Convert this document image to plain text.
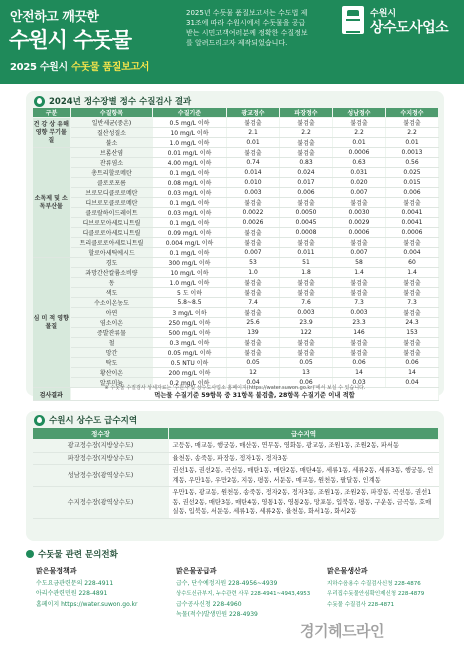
안전하고 깨끗한
수원시 수돗물
2025 수원시 수돗물 품질보고서
2025년 수돗물 품질보고서는 수도법 제31조에 따라 수원시에서 수돗물을 공급받는 시민고객여러분께 정확한 수질정보를 알려드리고자 제작되었습니다.
수원시
상수도사업소
2024년 정수장별 정수 수질검사 결과
구분	수질항목	수질기준	광교정수	파장정수	성남정수	수지정수
건 강 상 유해영향 무기물질	일반세균(중온)	0.5 mg/L 이하	불검출	불검출	불검출	불검출
	질산성질소	10 mg/L 이하	2.1	2.2	2.2	2.2
	불소	1.0 mg/L 이하	0.01	불검출	0.01	0.01
소독제 및 소독부산물	브롬산염	0.01 mg/L 이하	불검출	불검출	0.0006	0.0013
	잔류염소	4.00 mg/L 이하	0.74	0.83	0.63	0.56
	총트리할로메탄	0.1 mg/L 이하	0.014	0.024	0.031	0.025
	클로로포름	0.08 mg/L 이하	0.010	0.017	0.020	0.015
	브로모디클로로메탄	0.03 mg/L 이하	0.003	0.006	0.007	0.006
	디브로모클로로메탄	0.1 mg/L 이하	불검출	불검출	불검출	불검출
	클로랄하이드레이트	0.03 mg/L 이하	0.0022	0.0050	0.0030	0.0041
	디브로모아세토니트릴	0.1 mg/L 이하	0.0026	0.0045	0.0029	0.0041
	디클로로아세토니트릴	0.09 mg/L 이하	불검출	0.0008	0.0006	0.0006
	트리클로로아세토니트릴	0.004 mg/L 이하	불검출	불검출	불검출	불검출
	할로아세틱에시드	0.1 mg/L 이하	0.007	0.011	0.007	0.004
심 미 적 영향물질	경도	300 mg/L 이하	53	51	58	60
	과망간산칼륨소비량	10 mg/L 이하	1.0	1.8	1.4	1.4
	동	1.0 mg/L 이하	불검출	불검출	불검출	불검출
	색도	5 도 이하	불검출	불검출	불검출	불검출
	수소이온농도	5.8~8.5	7.4	7.6	7.3	7.3
	아연	3 mg/L 이하	불검출	0.003	0.003	불검출
	염소이온	250 mg/L 이하	25.6	23.9	23.3	24.3
	증발잔류물	500 mg/L 이하	139	122	146	153
	철	0.3 mg/L 이하	불검출	불검출	불검출	불검출
	망간	0.05 mg/L 이하	불검출	불검출	불검출	불검출
	탁도	0.5 NTU 이하	0.05	0.05	0.06	0.06
	황산이온	200 mg/L 이하	12	13	14	14
	알루미늄	0.2 mg/L 이하	0.04	0.06	0.03	0.04
검사결과	먹는물 수질기준 59항목 중 31항목 불검출, 28항목 수질기준 이내 적합					
※ 수돗물 수질검사 상세자료는 '수원시 및 상수도사업소 홈페이지(https://water.suwon.go.kr)'에서 보실 수 있습니다.
수원시 상수도 급수지역
정수장	급수지역
광교정수장(지방상수도)	고등동, 매교동, 행궁동, 매산동, 연무동, 영화동, 광교동, 조원1동, 조원2동, 파서동
파장정수장(지방상수도)	율천동, 송죽동, 파장동, 정자1동, 정자3동
성남정수장(광역상수도)	권선1동, 권선2동, 곡선동, 매탄1동, 매탄2동, 매탄4동, 세류1동, 세류2동, 세류3동, 행궁동, 인계동, 우만1동, 우만2동, 지동, 평동, 서둔동, 매교동, 원천동, 팔달동, 인계동
수지정수장(광역상수도)	우만1동, 광교동, 원천동, 송죽동, 정자2동, 정자3동, 조원1동, 조원2동, 파장동, 곡선동, 권선1동, 권선2동, 매탄3동, 매탄4동, 영통1동, 영통2동, 망포동, 입북동, 평동, 구운동, 금곡동, 호매실동, 입북동, 서둔동, 세류1동, 세류2동, 율천동, 화서1동, 화서2동
수돗물 관련 문의전화
맑은물정책과
수도요금관련문의 228-4911
아리수관련민원 228-4891
홈페이지 https://water.suwon.go.kr
맑은물공급과
급수, 단수예정지원 228-4956~4939
상수도신규부지, 누수관련 사무 228-4941~4943,4953
급수공사신청 228-4960
녹물(적수)발생민원 228-4939
맑은물생산과
지하수음용수 수질검사신청 228-4876
우리집수돗물안심확인제신청 228-4879
수돗물 수질검사 228-4871
경기헤드라인
